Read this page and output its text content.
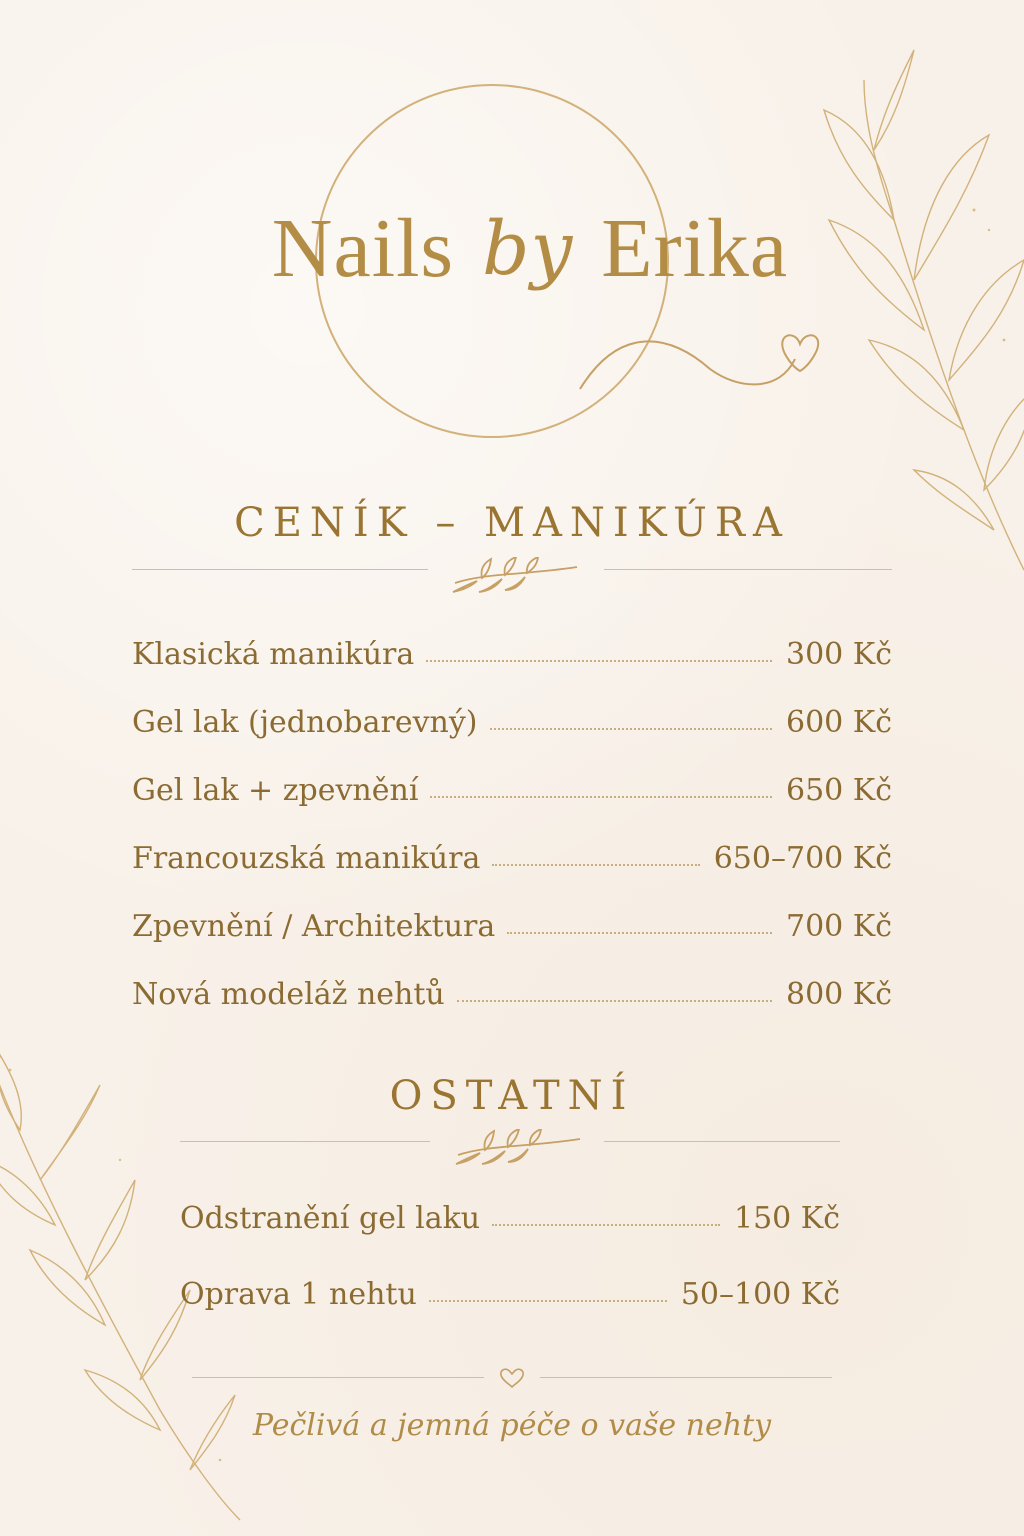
Nails by Erika
CENÍK – MANIKÚRA
Klasická manikúra	300 Kč
Gel lak (jednobarevný)	600 Kč
Gel lak + zpevnění	650 Kč
Francouzská manikúra	650–700 Kč
Zpevnění / Architektura	700 Kč
Nová modeláž nehtů	800 Kč
OSTATNÍ
Odstranění gel laku	150 Kč
Oprava 1 nehtu	50–100 Kč
Pečlivá a jemná péče o vaše nehty
